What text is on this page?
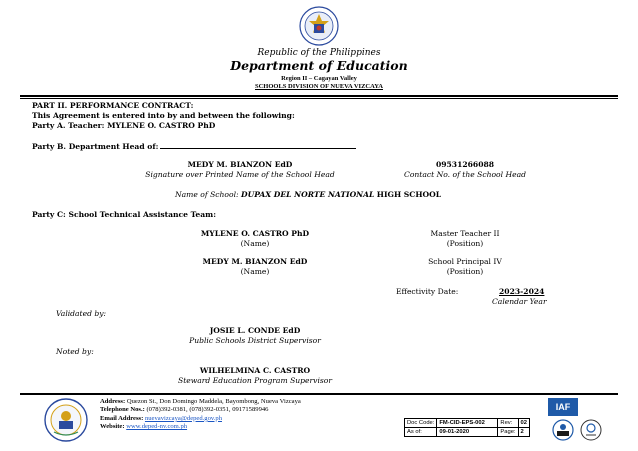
Republic of the Philippines
Department of Education
Region II – Cagayan Valley
SCHOOLS DIVISION OF NUEVA VIZCAYA
PART II. PERFORMANCE CONTRACT:
This Agreement is entered into by and between the following:
Party A. Teacher: MYLENE O. CASTRO PhD
Party B. Department Head of:
MEDY M. BIANZON EdD
Signature over Printed Name of the School Head
09531266088
Contact No. of the School Head
Name of School: DUPAX DEL NORTE NATIONAL HIGH SCHOOL
Party C: School Technical Assistance Team:
MYLENE O. CASTRO PhD
(Name)
Master Teacher II
(Position)
MEDY M. BIANZON EdD
(Name)
School Principal IV
(Position)
Effectivity Date:	2023-2024
Calendar Year
Validated by:
JOSIE L. CONDE EdD
Public Schools District Supervisor
Noted by:
WILHELMINA C. CASTRO
Steward Education Program Supervisor
Address: Quezon St., Don Domingo Maddela, Bayombong, Nueva Vizcaya
Telephone Nos.: (078)392-0381, (078)392-0351, 09171589946
Email Address: nuevavizcaya@deped.gov.ph
Website: www.deped-nv.com.ph
Doc Code:	FM-CID-EPS-002	Rev:	02
As of:	09-01-2020	Page:	2
IAF
